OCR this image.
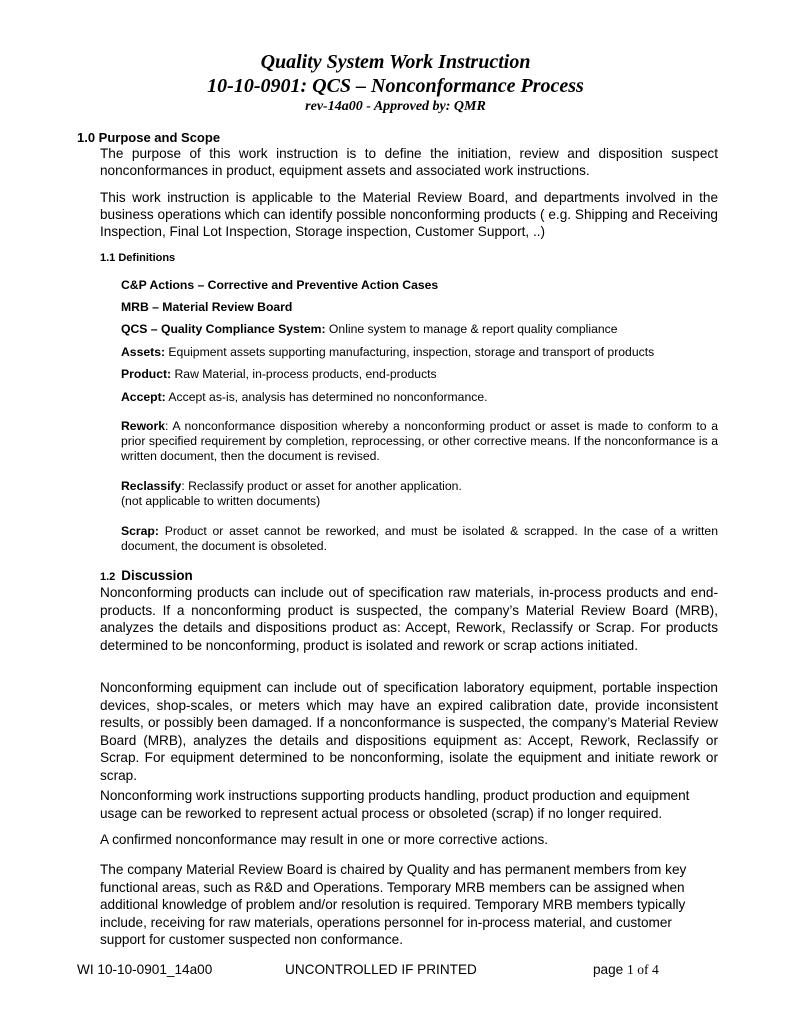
Quality System Work Instruction
10-10-0901: QCS – Nonconformance Process
rev-14a00 - Approved by: QMR
1.0 Purpose and Scope
The purpose of this work instruction is to define the initiation, review and disposition suspect nonconformances in product, equipment assets and associated work instructions.
This work instruction is applicable to the Material Review Board, and departments involved in the business operations which can identify possible nonconforming products ( e.g. Shipping and Receiving Inspection, Final Lot Inspection, Storage inspection, Customer Support, ..)
1.1 Definitions
C&P Actions – Corrective and Preventive Action Cases
MRB – Material Review Board
QCS – Quality Compliance System: Online system to manage & report quality compliance
Assets: Equipment assets supporting manufacturing, inspection, storage and transport of products
Product: Raw Material, in-process products, end-products
Accept: Accept as-is, analysis has determined no nonconformance.
Rework: A nonconformance disposition whereby a nonconforming product or asset is made to conform to a prior specified requirement by completion, reprocessing, or other corrective means. If the nonconformance is a written document, then the document is revised.
Reclassify: Reclassify product or asset for another application.
(not applicable to written documents)
Scrap: Product or asset cannot be reworked, and must be isolated & scrapped. In the case of a written document, the document is obsoleted.
1.2 Discussion
Nonconforming products can include out of specification raw materials, in-process products and end-products. If a nonconforming product is suspected, the company’s Material Review Board (MRB), analyzes the details and dispositions product as: Accept, Rework, Reclassify or Scrap. For products determined to be nonconforming, product is isolated and rework or scrap actions initiated.
Nonconforming equipment can include out of specification laboratory equipment, portable inspection devices, shop-scales, or meters which may have an expired calibration date, provide inconsistent results, or possibly been damaged. If a nonconformance is suspected, the company’s Material Review Board (MRB), analyzes the details and dispositions equipment as: Accept, Rework, Reclassify or Scrap. For equipment determined to be nonconforming, isolate the equipment and initiate rework or scrap.
Nonconforming work instructions supporting products handling, product production and equipment usage can be reworked to represent actual process or obsoleted (scrap) if no longer required.
A confirmed nonconformance may result in one or more corrective actions.
The company Material Review Board is chaired by Quality and has permanent members from key functional areas, such as R&D and Operations. Temporary MRB members can be assigned when additional knowledge of problem and/or resolution is required. Temporary MRB members typically include, receiving for raw materials, operations personnel for in-process material, and customer support for customer suspected non conformance.
WI 10-10-0901_14a00	UNCONTROLLED IF PRINTED	page 1 of 4
